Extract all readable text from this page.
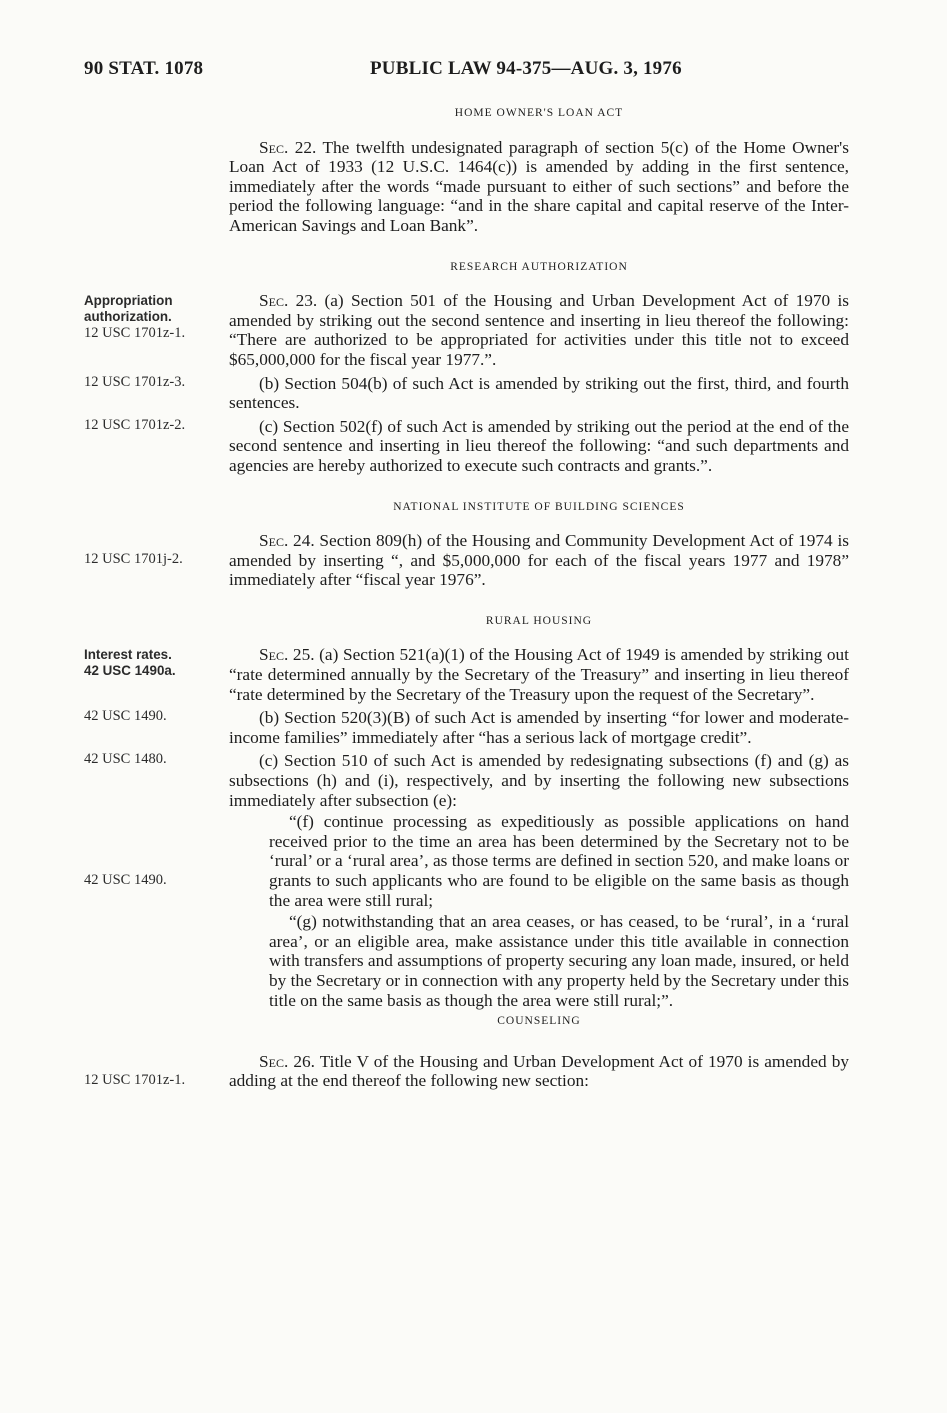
90 STAT. 1078	PUBLIC LAW 94-375—AUG. 3, 1976

HOME OWNER'S LOAN ACT

Sec. 22. The twelfth undesignated paragraph of section 5(c) of the Home Owner's Loan Act of 1933 (12 U.S.C. 1464(c)) is amended by adding in the first sentence, immediately after the words “made pursuant to either of such sections” and before the period the following language: “and in the share capital and capital reserve of the Inter-American Savings and Loan Bank”.

RESEARCH AUTHORIZATION

Appropriation authorization.
12 USC 1701z-1.

Sec. 23. (a) Section 501 of the Housing and Urban Development Act of 1970 is amended by striking out the second sentence and inserting in lieu thereof the following: “There are authorized to be appropriated for activities under this title not to exceed $65,000,000 for the fiscal year 1977.”.

12 USC 1701z-3.	(b) Section 504(b) of such Act is amended by striking out the first, third, and fourth sentences.

12 USC 1701z-2.	(c) Section 502(f) of such Act is amended by striking out the period at the end of the second sentence and inserting in lieu thereof the following: “and such departments and agencies are hereby authorized to execute such contracts and grants.”.

NATIONAL INSTITUTE OF BUILDING SCIENCES

12 USC 1701j-2.

Sec. 24. Section 809(h) of the Housing and Community Development Act of 1974 is amended by inserting “, and $5,000,000 for each of the fiscal years 1977 and 1978” immediately after “fiscal year 1976”.

RURAL HOUSING

Interest rates.
42 USC 1490a.

Sec. 25. (a) Section 521(a)(1) of the Housing Act of 1949 is amended by striking out “rate determined annually by the Secretary of the Treasury” and inserting in lieu thereof “rate determined by the Secretary of the Treasury upon the request of the Secretary”.

42 USC 1490.	(b) Section 520(3)(B) of such Act is amended by inserting “for lower and moderate-income families” immediately after “has a serious lack of mortgage credit”.

42 USC 1480.	(c) Section 510 of such Act is amended by redesignating subsections (f) and (g) as subsections (h) and (i), respectively, and by inserting the following new subsections immediately after subsection (e):

42 USC 1490.

“(f) continue processing as expeditiously as possible applications on hand received prior to the time an area has been determined by the Secretary not to be ‘rural’ or a ‘rural area’, as those terms are defined in section 520, and make loans or grants to such applicants who are found to be eligible on the same basis as though the area were still rural;

“(g) notwithstanding that an area ceases, or has ceased, to be ‘rural’, in a ‘rural area’, or an eligible area, make assistance under this title available in connection with transfers and assumptions of property securing any loan made, insured, or held by the Secretary or in connection with any property held by the Secretary under this title on the same basis as though the area were still rural;”.

COUNSELING

12 USC 1701z-1.

Sec. 26. Title V of the Housing and Urban Development Act of 1970 is amended by adding at the end thereof the following new section:
